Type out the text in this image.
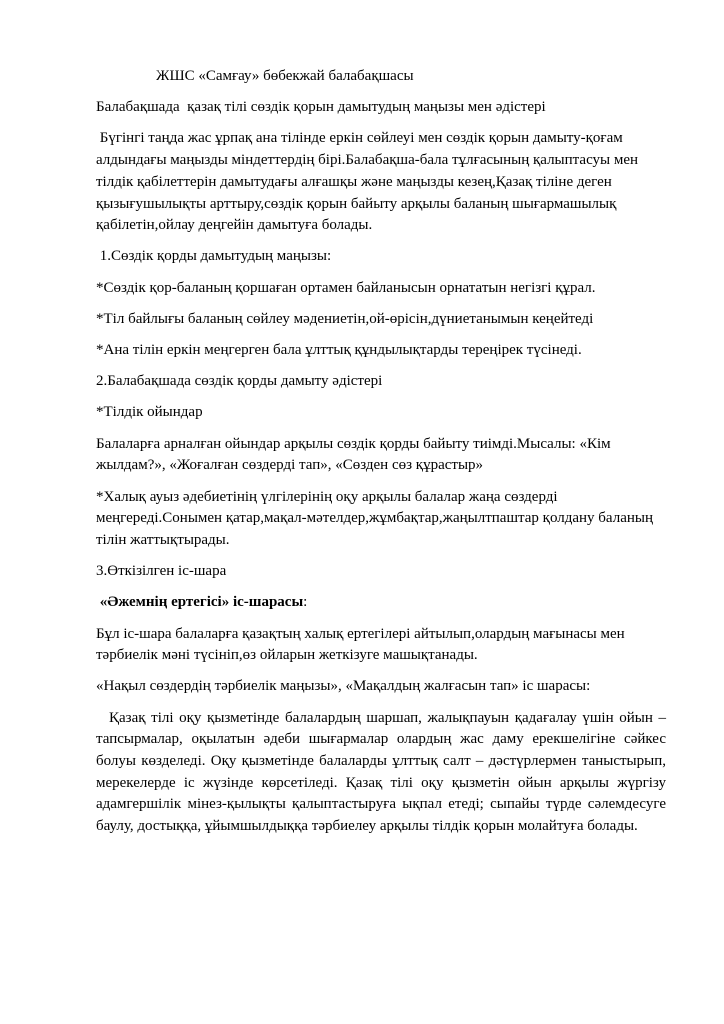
ЖШС «Самғау» бөбекжай балабақшасы
Балабақшада  қазақ тілі сөздік қорын дамытудың маңызы мен әдістері

Бүгінгі таңда жас ұрпақ ана тілінде еркін сөйлеуі мен сөздік қорын дамыту-қоғам алдындағы маңызды міндеттердің бірі.Балабақша-бала тұлғасының қалыптасуы мен тілдік қабілеттерін дамытудағы алғашқы және маңызды кезең,Қазақ тіліне деген қызығушылықты арттыру,сөздік қорын байыту арқылы баланың шығармашылық қабілетін,ойлау деңгейін дамытуға болады.

1.Сөздік қорды дамытудың маңызы:

*Сөздік қор-баланың қоршаған ортамен байланысын орнататын негізгі құрал.

*Тіл байлығы баланың сөйлеу мәдениетін,ой-өрісін,дүниетанымын кеңейтеді

*Ана тілін еркін меңгерген бала ұлттық құндылықтарды тереңірек түсінеді.

2.Балабақшада сөздік қорды дамыту әдістері

*Тілдік ойындар

Балаларға арналған ойындар арқылы сөздік қорды байыту тиімді.Мысалы: «Кім жылдам?», «Жоғалған сөздерді тап», «Сөзден сөз құрастыр»

*Халық ауыз әдебиетінің үлгілерінің оқу арқылы балалар жаңа сөздерді меңгереді.Сонымен қатар,мақал-мәтелдер,жұмбақтар,жаңылтпаштар қолдану баланың тілін жаттықтырады.

3.Өткізілген іс-шара

«Әжемнің ертегісі» іс-шарасы:

Бұл іс-шара балаларға қазақтың халық ертегілері айтылып,олардың мағынасы мен тәрбиелік мәні түсініп,өз ойларын жеткізуге машықтанады.

«Нақыл сөздердің тәрбиелік маңызы», «Мақалдың жалғасын тап» іс шарасы:

Қазақ тілі оқу қызметінде балалардың шаршап, жалықпауын қадағалау үшін ойын – тапсырмалар, оқылатын әдеби шығармалар олардың жас даму ерекшелігіне сәйкес болуы көзделеді. Оқу қызметінде балаларды ұлттық салт – дәстүрлермен таныстырып, мерекелерде іс жүзінде көрсетіледі. Қазақ тілі оқу қызметін ойын арқылы жүргізу адамгершілік мінез-қылықты қалыптастыруға ықпал етеді; сыпайы түрде сәлемдесуге баулу, достыққа, ұйымшылдыққа тәрбиелеу арқылы тілдік қорын молайтуға болады.
